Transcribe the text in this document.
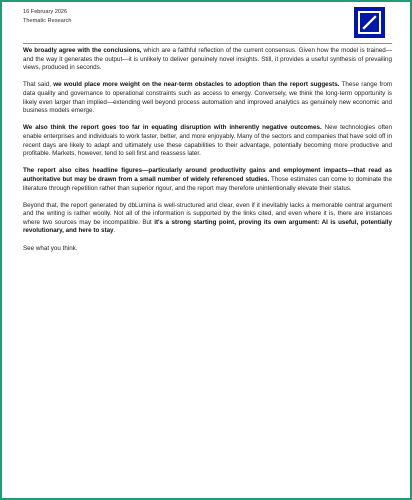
16 February 2026
Thematic Research

We broadly agree with the conclusions, which are a faithful reflection of the current consensus. Given how the model is trained—and the way it generates the output—it is unlikely to deliver genuinely novel insights. Still, it provides a useful synthesis of prevailing views, produced in seconds.

That said, we would place more weight on the near-term obstacles to adoption than the report suggests. These range from data quality and governance to operational constraints such as access to energy. Conversely, we think the long-term opportunity is likely even larger than implied—extending well beyond process automation and improved analytics as genuinely new economic and business models emerge.

We also think the report goes too far in equating disruption with inherently negative outcomes. New technologies often enable enterprises and individuals to work faster, better, and more enjoyably. Many of the sectors and companies that have sold off in recent days are likely to adapt and ultimately use these capabilities to their advantage, potentially becoming more productive and profitable. Markets, however, tend to sell first and reassess later.

The report also cites headline figures—particularly around productivity gains and employment impacts—that read as authoritative but may be drawn from a small number of widely referenced studies. Those estimates can come to dominate the literature through repetition rather than superior rigour, and the report may therefore unintentionally elevate their status.

Beyond that, the report generated by dbLumina is well-structured and clear, even if it inevitably lacks a memorable central argument and the writing is rather woolly. Not all of the information is supported by the links cited, and even where it is, there are instances where two sources may be incompatible. But it's a strong starting point, proving its own argument: AI is useful, potentially revolutionary, and here to stay.

See what you think.
